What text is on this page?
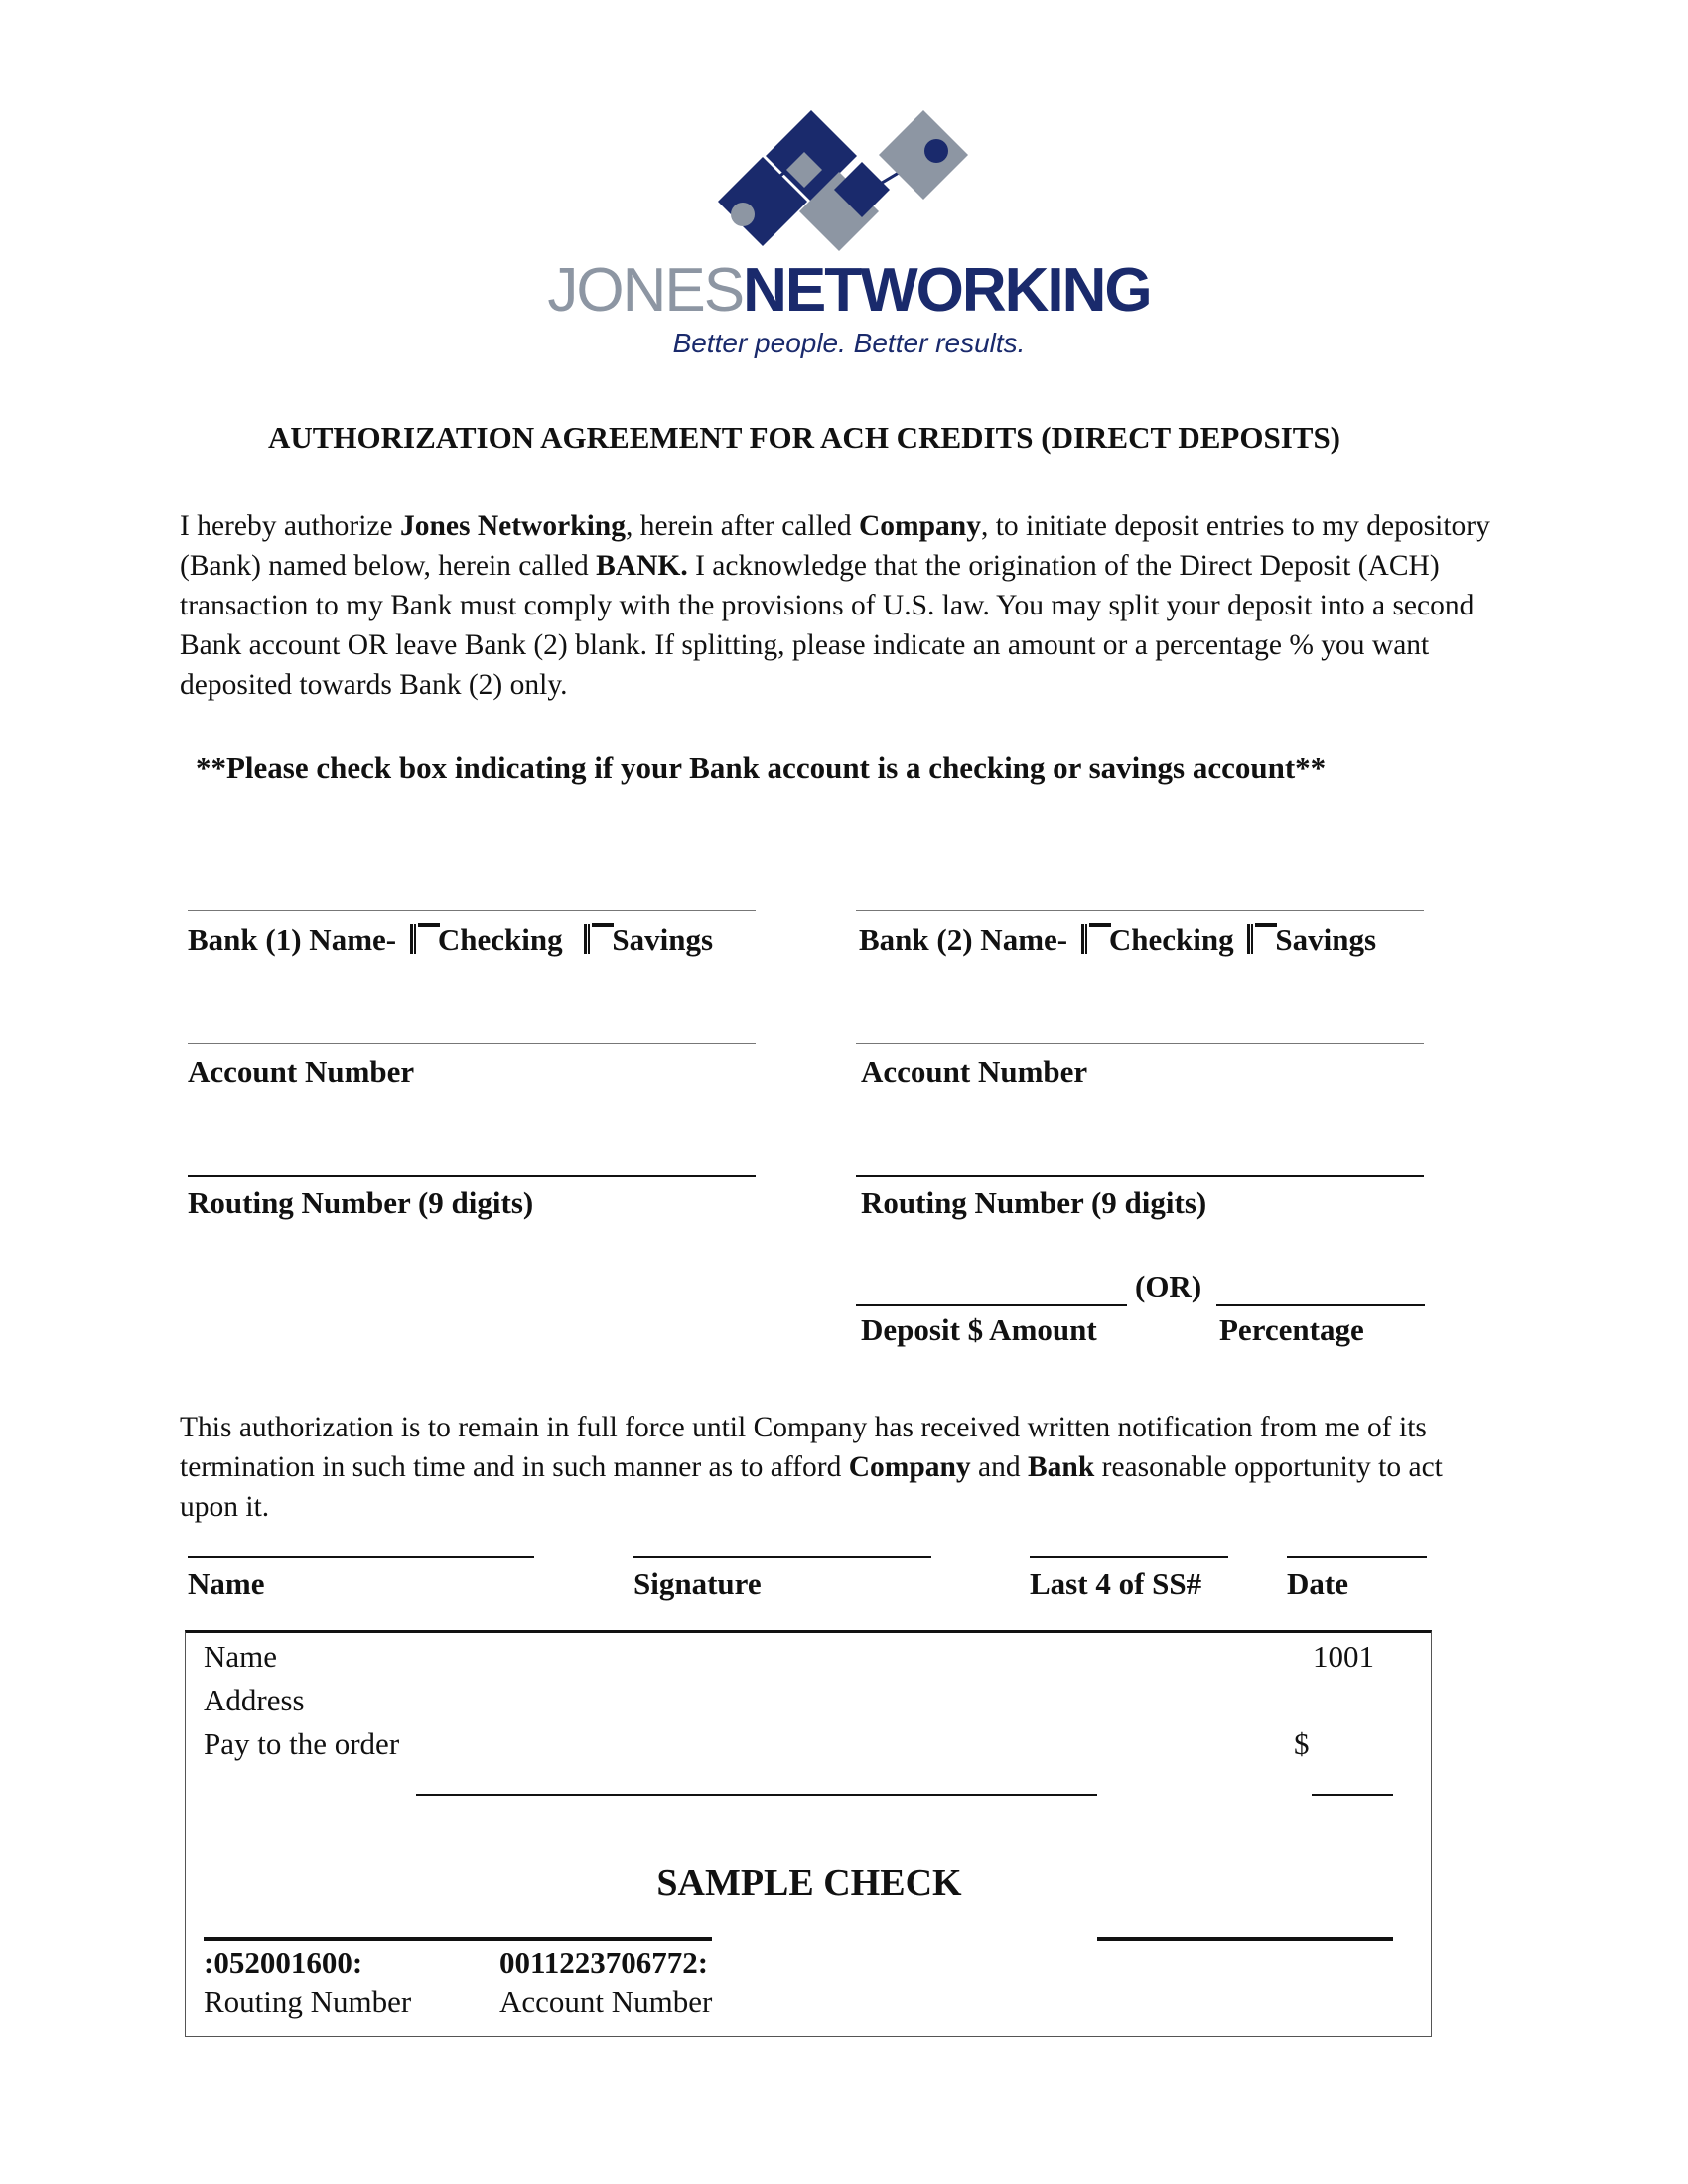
JONESNETWORKING
Better people. Better results.
AUTHORIZATION AGREEMENT FOR ACH CREDITS (DIRECT DEPOSITS)
I hereby authorize Jones Networking, herein after called Company, to initiate deposit entries to my depository (Bank) named below, herein called BANK. I acknowledge that the origination of the Direct Deposit (ACH) transaction to my Bank must comply with the provisions of U.S. law. You may split your deposit into a second Bank account OR leave Bank (2) blank. If splitting, please indicate an amount or a percentage % you want deposited towards Bank (2) only.
**Please check box indicating if your Bank account is a checking or savings account**
Bank (1) Name- Checking Savings
Account Number
Routing Number (9 digits)
Bank (2) Name- Checking Savings
Account Number
Routing Number (9 digits)
(OR)
Deposit $ Amount	Percentage
This authorization is to remain in full force until Company has received written notification from me of its termination in such time and in such manner as to afford Company and Bank reasonable opportunity to act upon it.
Name	Signature	Last 4 of SS#	Date
Name
Address
Pay to the order
1001
$
SAMPLE CHECK
:052001600:	0011223706772:
Routing Number	Account Number
